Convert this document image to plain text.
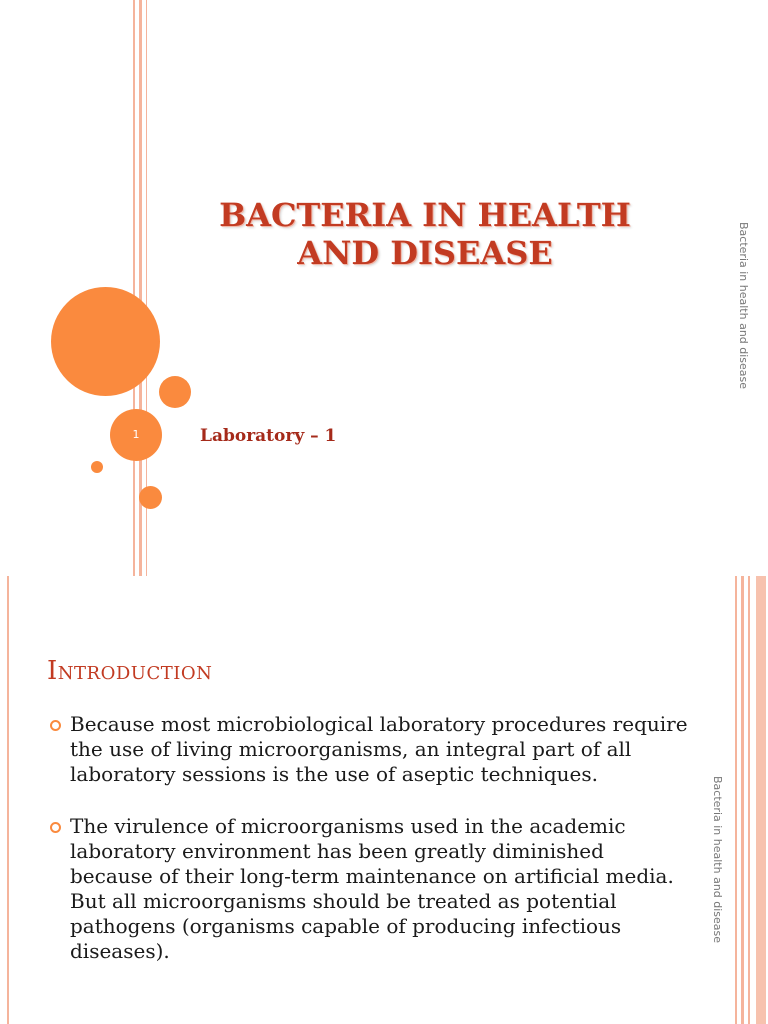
1
BACTERIA IN HEALTH
AND DISEASE
Laboratory – 1
Bacteria in health and disease
Introduction
Because most microbiological laboratory procedures require the use of living microorganisms, an integral part of all laboratory sessions is the use of aseptic techniques.
The virulence of microorganisms used in the academic laboratory environment has been greatly diminished because of their long-term maintenance on artificial media. But all microorganisms should be treated as potential pathogens (organisms capable of producing infectious diseases).
Bacteria in health and disease
